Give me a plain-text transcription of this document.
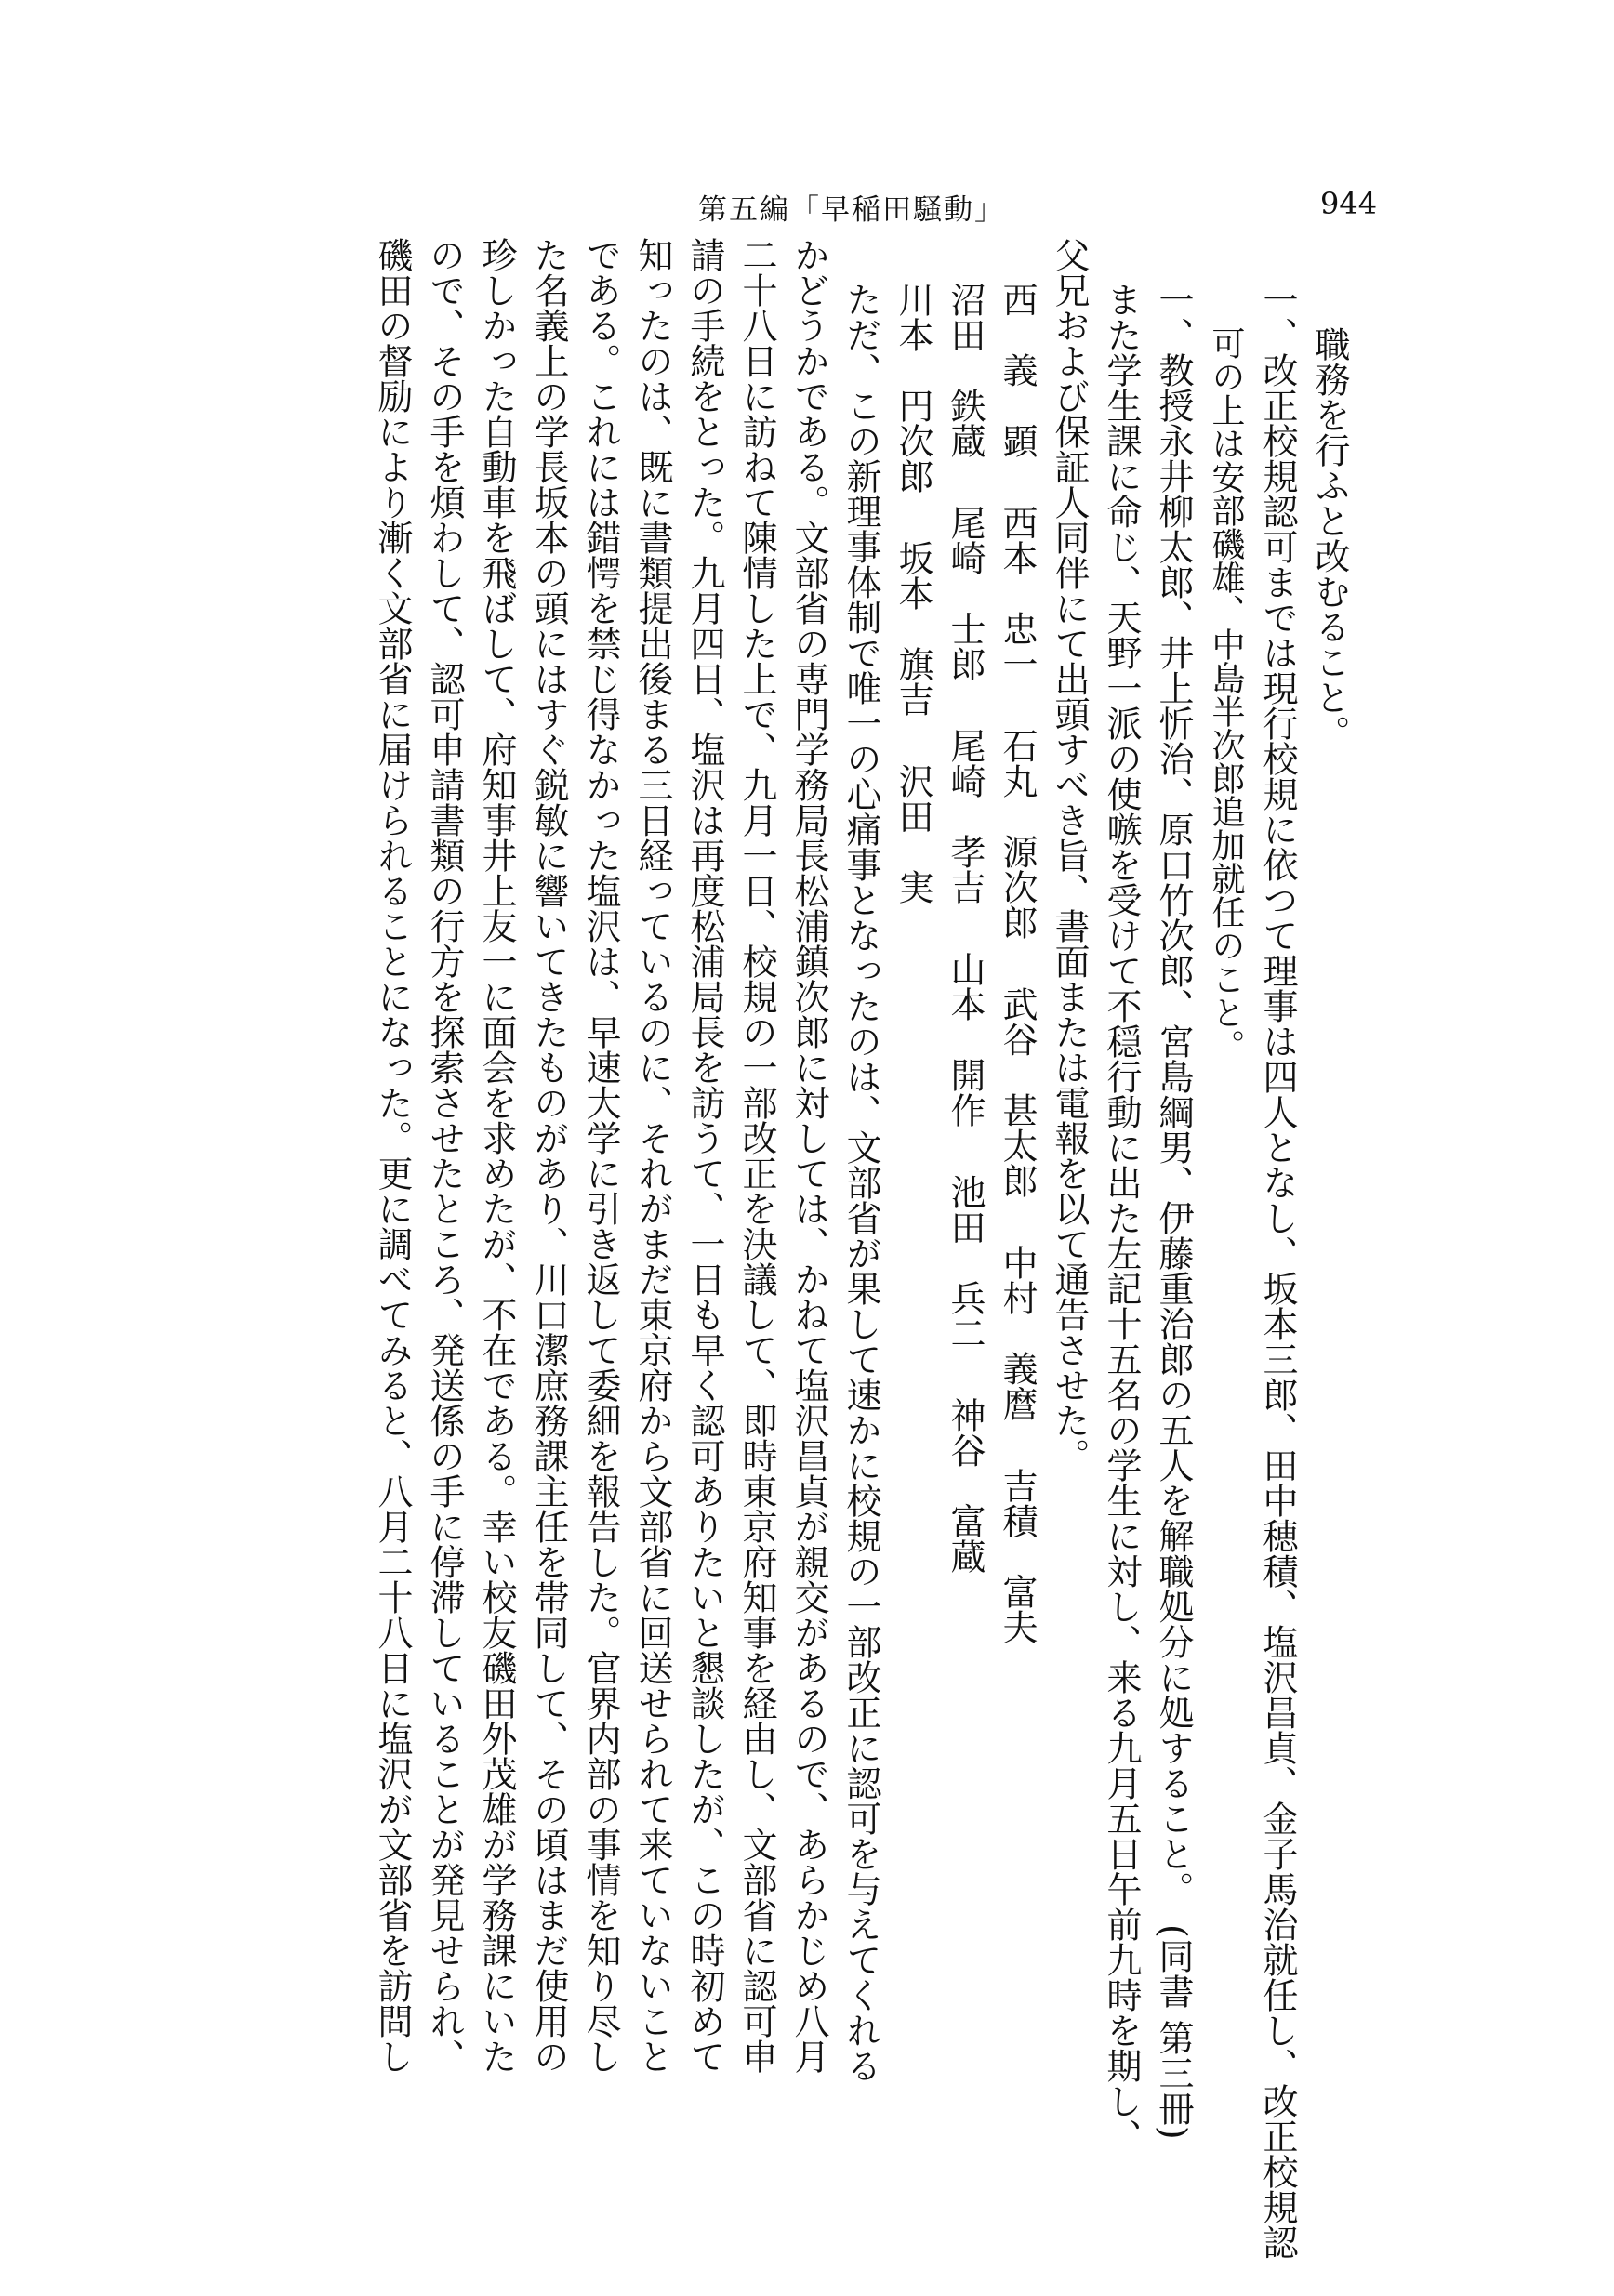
第五編「早稲田騒動」	944
職務を行ふと改むること。
一、改正校規認可までは現行校規に依つて理事は四人となし、坂本三郎、田中穂積、塩沢昌貞、金子馬治就任し、改正校規認
可の上は安部磯雄、中島半次郎追加就任のこと。
一、教授永井柳太郎、井上忻治、原口竹次郎、宮島綱男、伊藤重治郎の五人を解職処分に処すること。　(同書 第三冊)
また学生課に命じ、天野一派の使嗾を受けて不穏行動に出た左記十五名の学生に対し、来る九月五日午前九時を期し、
父兄および保証人同伴にて出頭すべき旨、書面または電報を以て通告させた。
西　義　顕 西本　忠一 石丸　源次郎 武谷　甚太郎 中村　義麿 吉積　富夫
沼田　鉄蔵 尾崎　士郎 尾崎　孝吉 山本　開作 池田　兵二 神谷　富蔵
川本　円次郎 坂本　旗吉 沢田　実
ただ、この新理事体制で唯一の心痛事となったのは、文部省が果して速かに校規の一部改正に認可を与えてくれる
かどうかである。文部省の専門学務局長松浦鎮次郎に対しては、かねて塩沢昌貞が親交があるので、あらかじめ八月
二十八日に訪ねて陳情した上で、九月一日、校規の一部改正を決議して、即時東京府知事を経由し、文部省に認可申
請の手続をとった。九月四日、塩沢は再度松浦局長を訪うて、一日も早く認可ありたいと懇談したが、この時初めて
知ったのは、既に書類提出後まる三日経っているのに、それがまだ東京府から文部省に回送せられて来ていないこと
である。これには錯愕を禁じ得なかった塩沢は、早速大学に引き返して委細を報告した。官界内部の事情を知り尽し
た名義上の学長坂本の頭にはすぐ鋭敏に響いてきたものがあり、川口潔庶務課主任を帯同して、その頃はまだ使用の
珍しかった自動車を飛ばして、府知事井上友一に面会を求めたが、不在である。幸い校友磯田外茂雄が学務課にいた
ので、その手を煩わして、認可申請書類の行方を探索させたところ、発送係の手に停滞していることが発見せられ、
磯田の督励により漸く文部省に届けられることになった。更に調べてみると、八月二十八日に塩沢が文部省を訪問し
